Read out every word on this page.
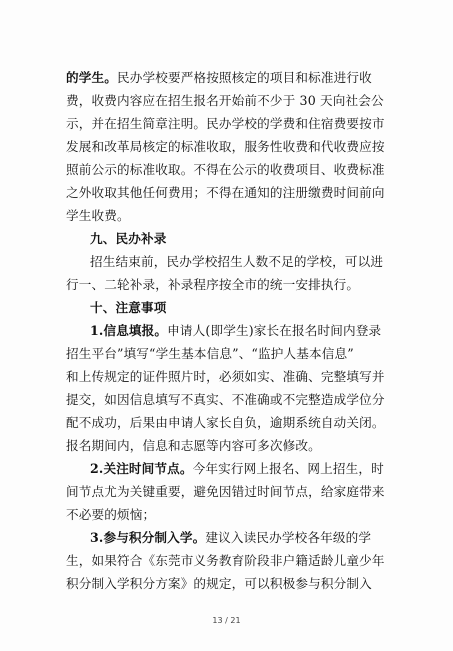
的学生。民办学校要严格按照核定的项目和标准进行收
费，收费内容应在招生报名开始前不少于 30 天向社会公
示，并在招生简章注明。民办学校的学费和住宿费要按市
发展和改革局核定的标准收取，服务性收费和代收费应按
照前公示的标准收取。不得在公示的收费项目、收费标准
之外收取其他任何费用；不得在通知的注册缴费时间前向
学生收费。
九、民办补录
招生结束前，民办学校招生人数不足的学校，可以进
行一、二轮补录，补录程序按全市的统一安排执行。
十、注意事项
1.信息填报。申请人(即学生)家长在报名时间内登录
招生平台”填写“学生基本信息”、“监护人基本信息”
和上传规定的证件照片时，必须如实、准确、完整填写并
提交，如因信息填写不真实、不准确或不完整造成学位分
配不成功，后果由申请人家长自负，逾期系统自动关闭。
报名期间内，信息和志愿等内容可多次修改。
2.关注时间节点。今年实行网上报名、网上招生，时
间节点尤为关键重要，避免因错过时间节点，给家庭带来
不必要的烦恼；
3.参与积分制入学。建议入读民办学校各年级的学
生，如果符合《东莞市义务教育阶段非户籍适龄儿童少年
积分制入学积分方案》的规定，可以积极参与积分制入
13 / 21
